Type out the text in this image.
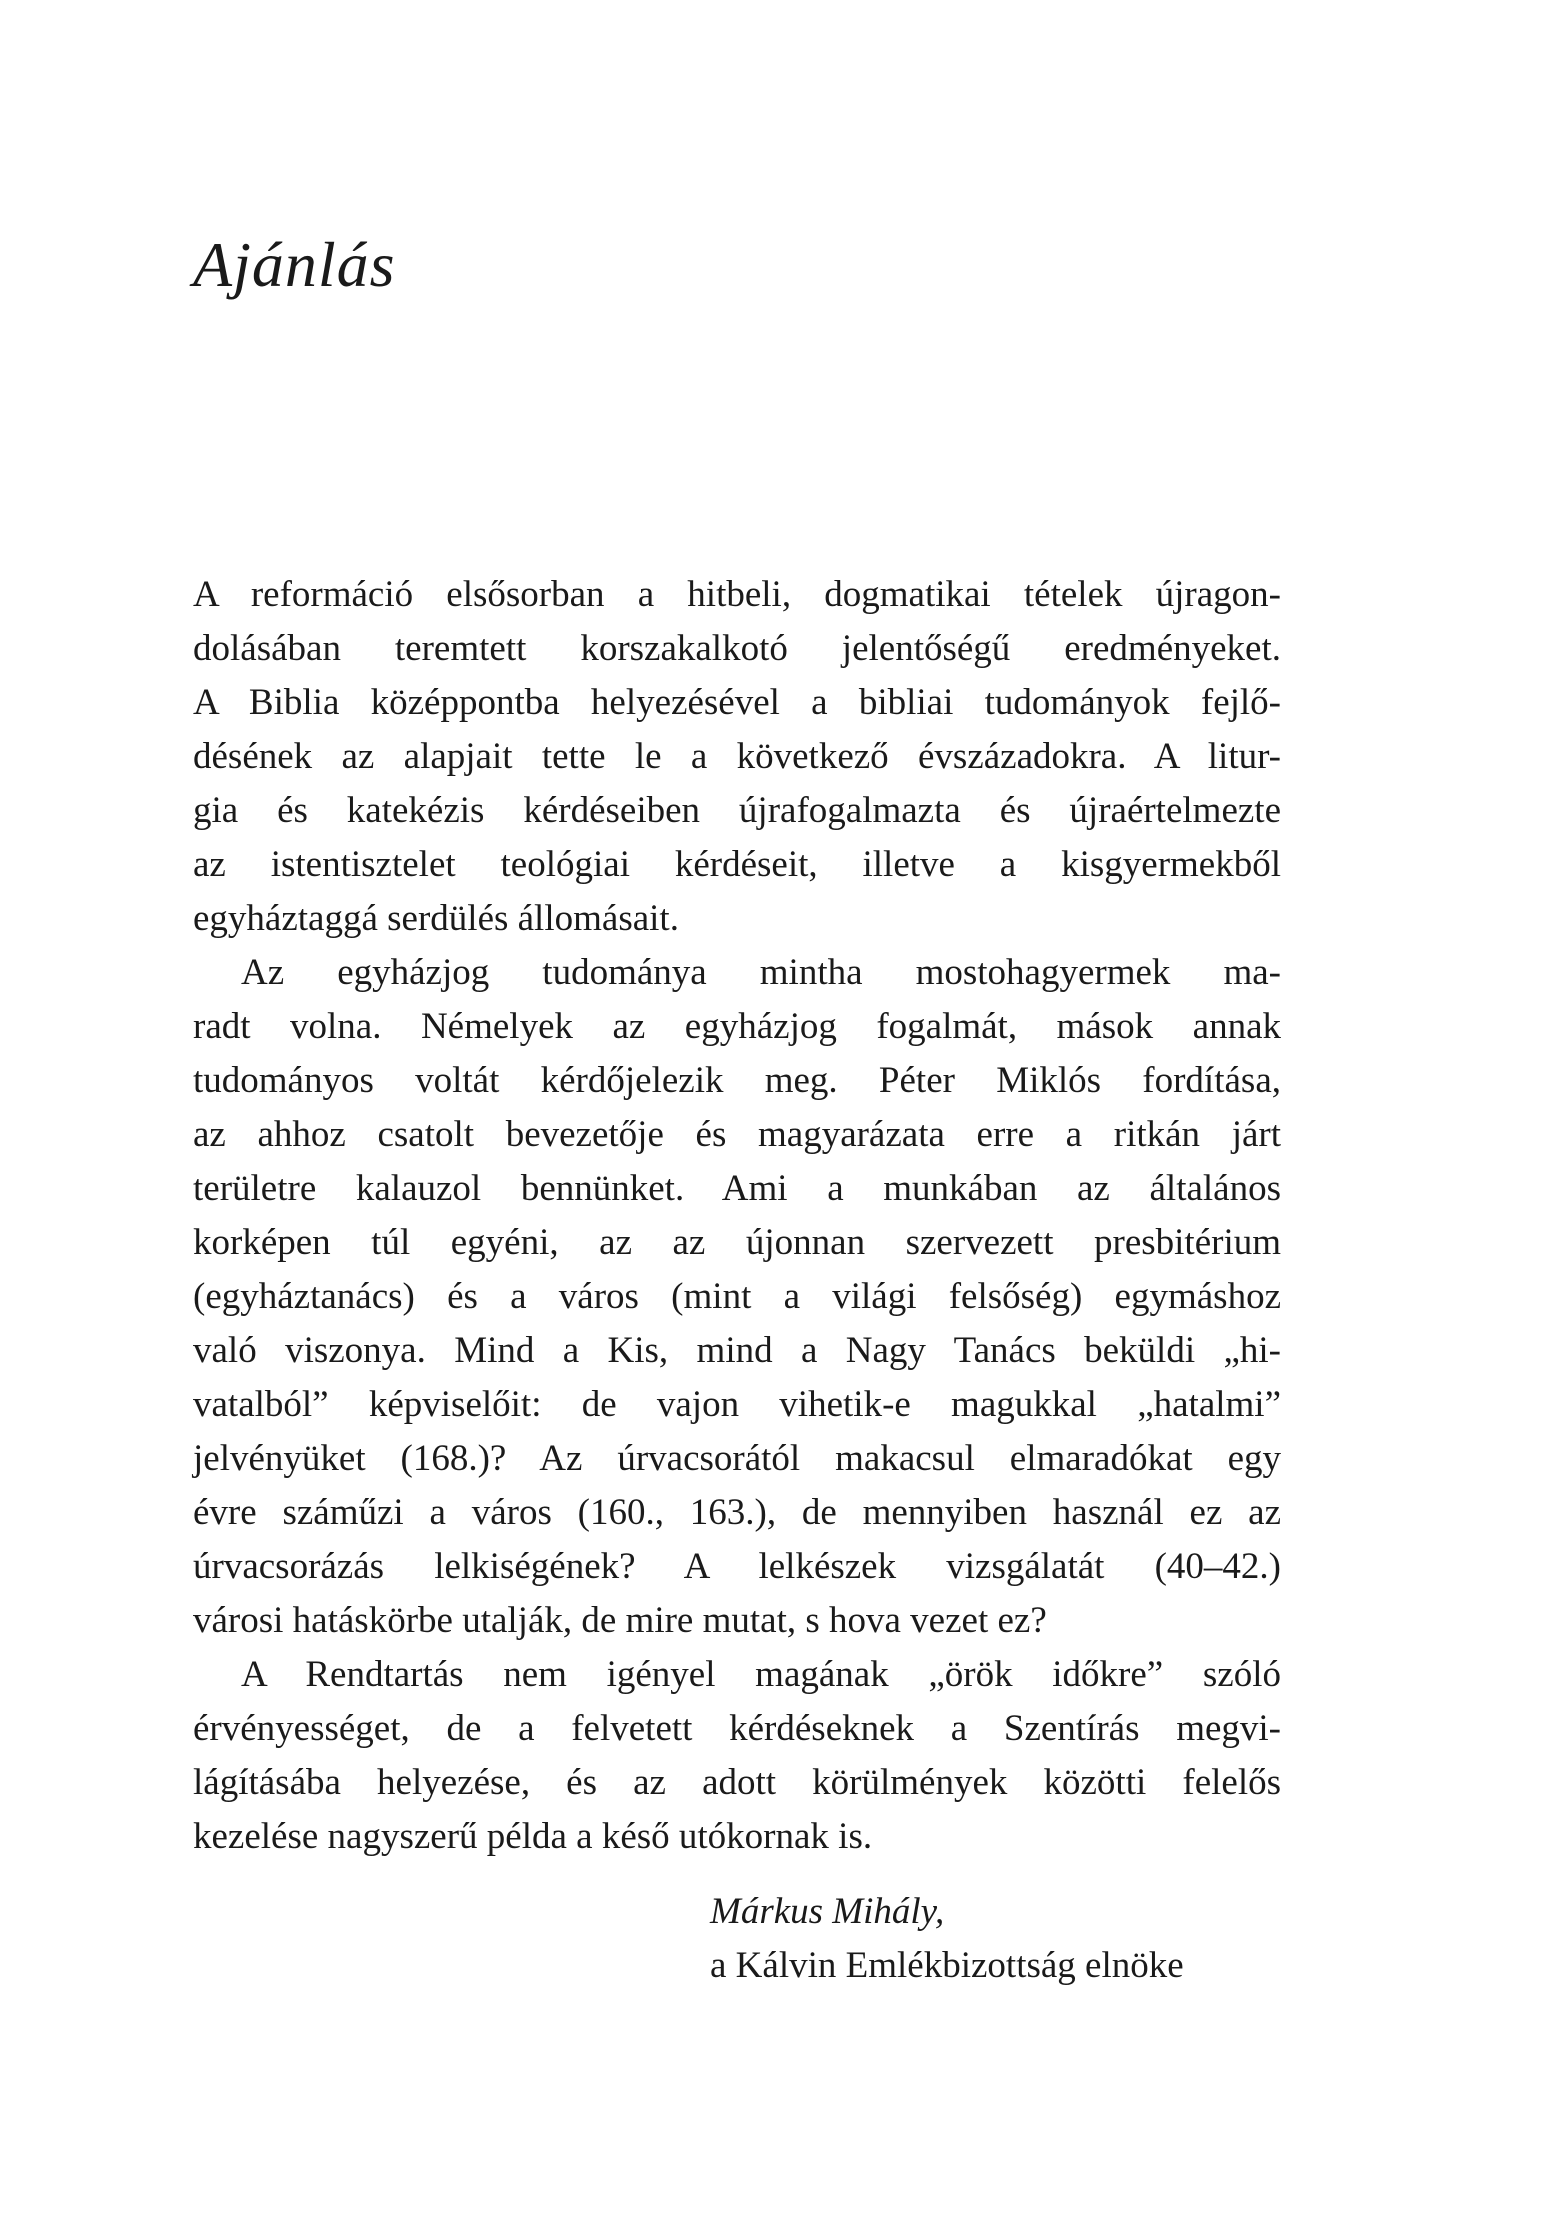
Ajánlás
A reformáció elsősorban a hitbeli, dogmatikai tételek újragon-
dolásában teremtett korszakalkotó jelentőségű eredményeket.
A Biblia középpontba helyezésével a bibliai tudományok fejlő-
désének az alapjait tette le a következő évszázadokra. A litur-
gia és katekézis kérdéseiben újrafogalmazta és újraértelmezte
az istentisztelet teológiai kérdéseit, illetve a kisgyermekből
egyháztaggá serdülés állomásait.
Az egyházjog tudománya mintha mostohagyermek ma-
radt volna. Némelyek az egyházjog fogalmát, mások annak
tudományos voltát kérdőjelezik meg. Péter Miklós fordítása,
az ahhoz csatolt bevezetője és magyarázata erre a ritkán járt
területre kalauzol bennünket. Ami a munkában az általános
korképen túl egyéni, az az újonnan szervezett presbitérium
(egyháztanács) és a város (mint a világi felsőség) egymáshoz
való viszonya. Mind a Kis, mind a Nagy Tanács beküldi „hi-
vatalból” képviselőit: de vajon vihetik-e magukkal „hatalmi”
jelvényüket (168.)? Az úrvacsorától makacsul elmaradókat egy
évre száműzi a város (160., 163.), de mennyiben használ ez az
úrvacsorázás lelkiségének? A lelkészek vizsgálatát (40–42.)
városi hatáskörbe utalják, de mire mutat, s hova vezet ez?
A Rendtartás nem igényel magának „örök időkre” szóló
érvényességet, de a felvetett kérdéseknek a Szentírás megvi-
lágításába helyezése, és az adott körülmények közötti felelős
kezelése nagyszerű példa a késő utókornak is.
Márkus Mihály,
a Kálvin Emlékbizottság elnöke
